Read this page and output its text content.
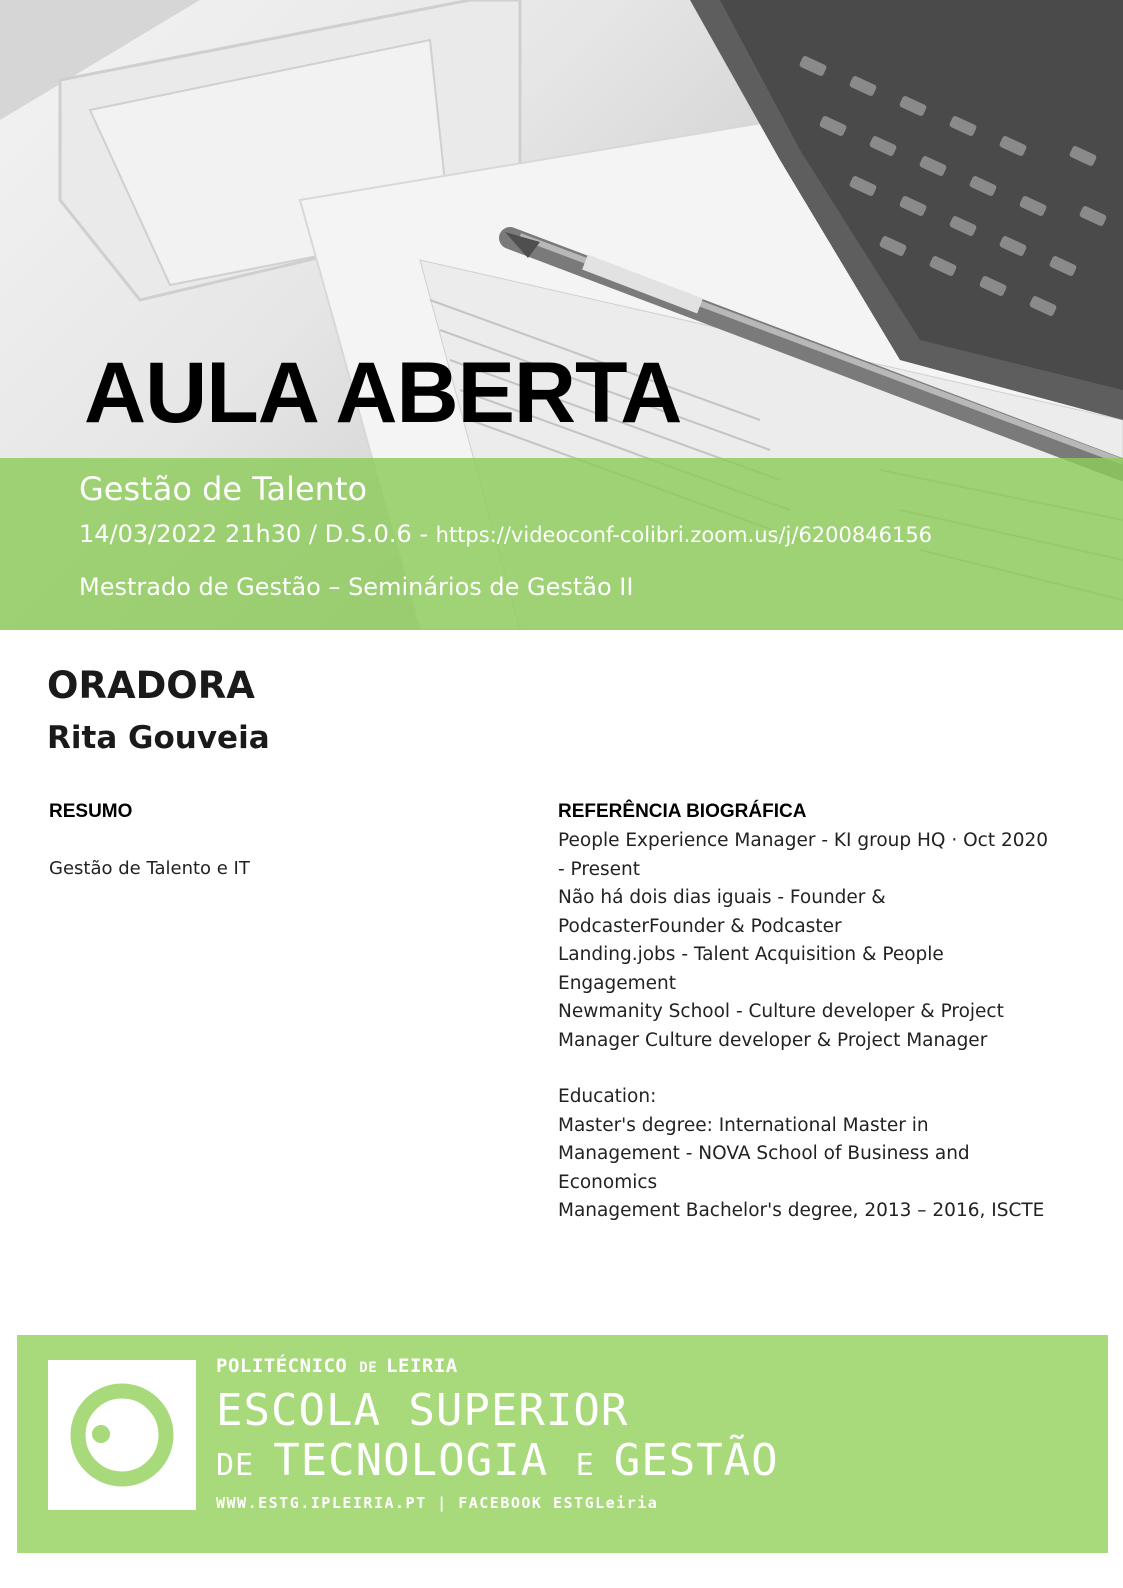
AULA ABERTA
Gestão de Talento
14/03/2022 21h30 / D.S.0.6 - https://videoconf-colibri.zoom.us/j/6200846156
Mestrado de Gestão – Seminários de Gestão II
ORADORA
Rita Gouveia
RESUMO
Gestão de Talento e IT
REFERÊNCIA BIOGRÁFICA
People Experience Manager - KI group HQ · Oct 2020
- Present
Não há dois dias iguais - Founder &
PodcasterFounder & Podcaster
Landing.jobs - Talent Acquisition & People
Engagement
Newmanity School - Culture developer & Project
Manager Culture developer & Project Manager
Education:
Master's degree: International Master in
Management - NOVA School of Business and
Economics
Management Bachelor's degree, 2013 – 2016, ISCTE
POLITÉCNICO DE LEIRIA
ESCOLA SUPERIOR
DE TECNOLOGIA E GESTÃO
WWW.ESTG.IPLEIRIA.PT | FACEBOOK ESTGLeiria
